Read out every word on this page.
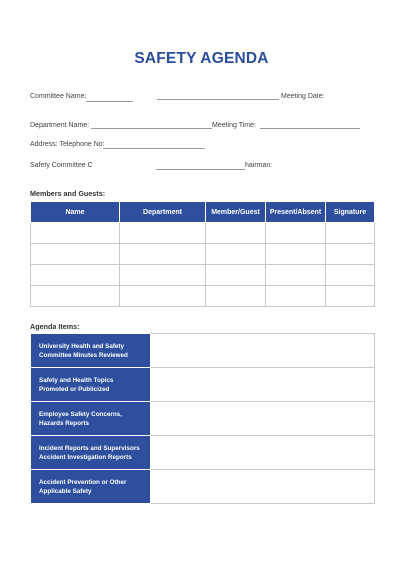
SAFETY AGENDA
Committee Name:	Meeting Date:
Department Name:	Meeting Time:
Address: Telephone No:
Safety Committee C	hairman:
Members and Guests:
Name	Department	Member/Guest	Present/Absent	Signature

Agenda Items:
University Health and Safety Committee Minutes Reviewed	
Safety and Health Topics Promoted or Publicized	
Employee Safety Concerns, Hazards Reports	
Incident Reports and Supervisors Accident Investigation Reports	
Accident Prevention or Other Applicable Safety	
